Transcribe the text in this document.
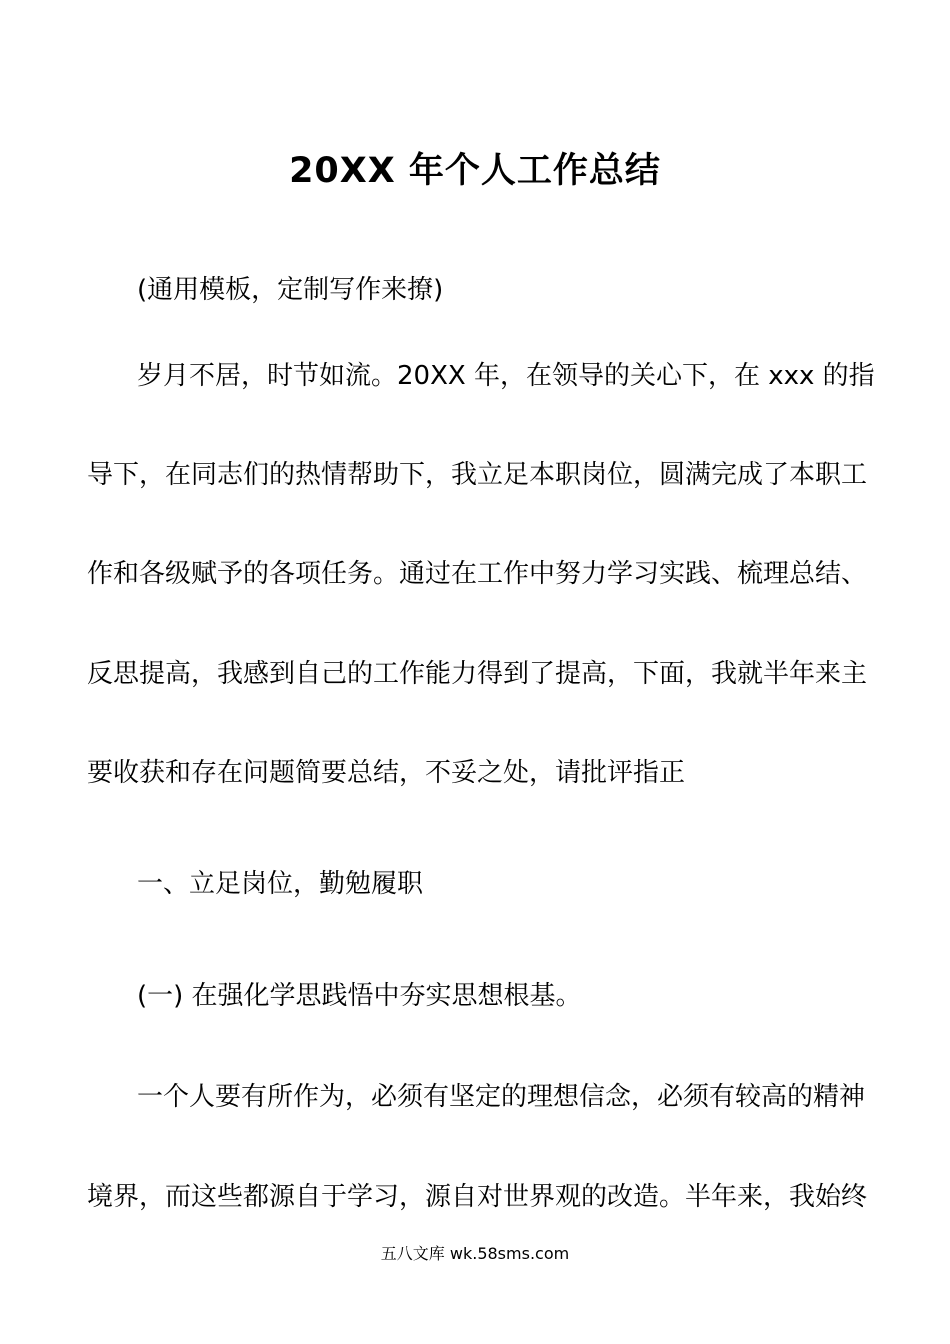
20XX 年个人工作总结
(通用模板，定制写作来撩)
岁月不居，时节如流。20XX 年，在领导的关心下，在 xxx 的指
导下，在同志们的热情帮助下，我立足本职岗位，圆满完成了本职工
作和各级赋予的各项任务。通过在工作中努力学习实践、梳理总结、
反思提高，我感到自己的工作能力得到了提高，下面，我就半年来主
要收获和存在问题简要总结，不妥之处，请批评指正
一、立足岗位，勤勉履职
(一) 在强化学思践悟中夯实思想根基。
一个人要有所作为，必须有坚定的理想信念，必须有较高的精神
境界，而这些都源自于学习，源自对世界观的改造。半年来，我始终
五八文库 wk.58sms.com
